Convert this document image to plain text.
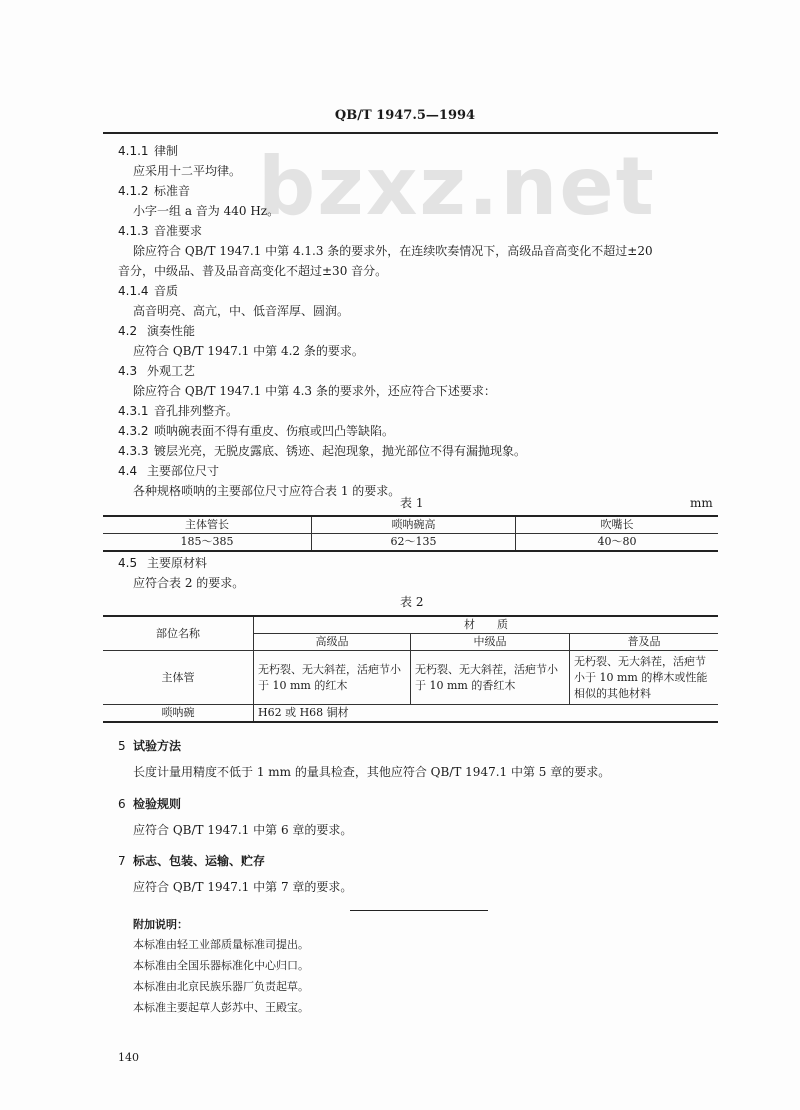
bzxz.net
QB/T 1947.5—1994
4.1.1 律制
应采用十二平均律。
4.1.2 标准音
小字一组 a 音为 440 Hz。
4.1.3 音准要求
除应符合 QB/T 1947.1 中第 4.1.3 条的要求外，在连续吹奏情况下，高级品音高变化不超过±20
音分，中级品、普及品音高变化不超过±30 音分。
4.1.4 音质
高音明亮、高亢，中、低音浑厚、圆润。
4.2 演奏性能
应符合 QB/T 1947.1 中第 4.2 条的要求。
4.3 外观工艺
除应符合 QB/T 1947.1 中第 4.3 条的要求外，还应符合下述要求：
4.3.1 音孔排列整齐。
4.3.2 唢呐碗表面不得有重皮、伤痕或凹凸等缺陷。
4.3.3 镀层光亮，无脱皮露底、锈迹、起泡现象，抛光部位不得有漏抛现象。
4.4 主要部位尺寸
各种规格唢呐的主要部位尺寸应符合表 1 的要求。
表 1	mm
主体管长	唢呐碗高	吹嘴长
185～385	62～135	40～80
4.5 主要原材料
应符合表 2 的要求。
表 2
部位名称	材　　质		
	高级品	中级品	普及品
主体管	无朽裂、无大斜茬，活疤节小于 10 mm 的红木	无朽裂、无大斜茬，活疤节小于 10 mm 的香红木	无朽裂、无大斜茬，活疤节小于 10 mm 的桦木或性能相似的其他材料
唢呐碗	H62 或 H68 铜材		
5 试验方法
长度计量用精度不低于 1 mm 的量具检查，其他应符合 QB/T 1947.1 中第 5 章的要求。
6 检验规则
应符合 QB/T 1947.1 中第 6 章的要求。
7 标志、包装、运输、贮存
应符合 QB/T 1947.1 中第 7 章的要求。
附加说明：
本标准由轻工业部质量标准司提出。
本标准由全国乐器标准化中心归口。
本标准由北京民族乐器厂负责起草。
本标准主要起草人彭苏中、王殿宝。
140
